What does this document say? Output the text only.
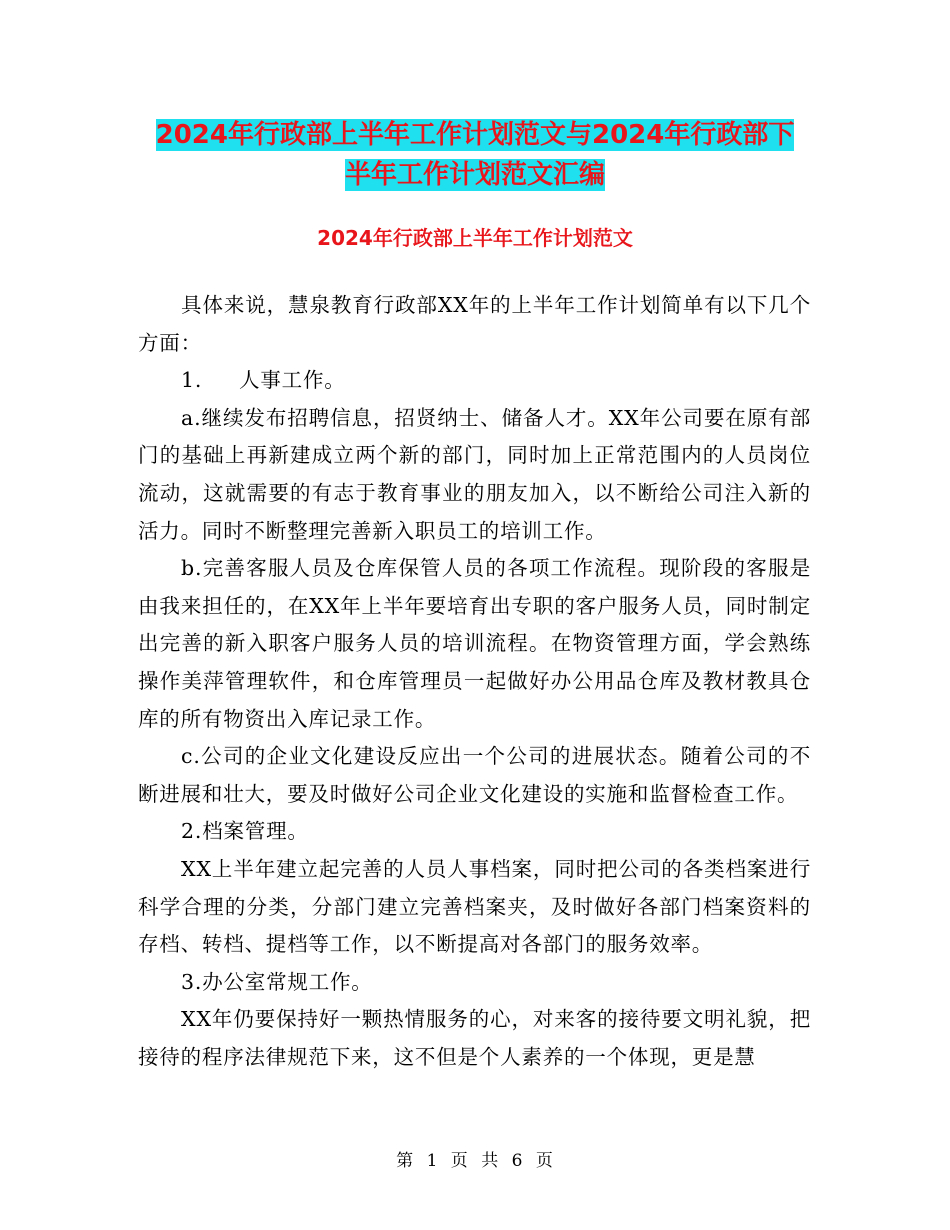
2024年行政部上半年工作计划范文与2024年行政部下
半年工作计划范文汇编
2024年行政部上半年工作计划范文

具体来说，慧泉教育行政部XX年的上半年工作计划简单有以下几个方面：

1. 人事工作。

a.继续发布招聘信息，招贤纳士、储备人才。XX年公司要在原有部门的基础上再新建成立两个新的部门，同时加上正常范围内的人员岗位流动，这就需要的有志于教育事业的朋友加入，以不断给公司注入新的活力。同时不断整理完善新入职员工的培训工作。

b.完善客服人员及仓库保管人员的各项工作流程。现阶段的客服是由我来担任的，在XX年上半年要培育出专职的客户服务人员，同时制定出完善的新入职客户服务人员的培训流程。在物资管理方面，学会熟练操作美萍管理软件，和仓库管理员一起做好办公用品仓库及教材教具仓库的所有物资出入库记录工作。

c.公司的企业文化建设反应出一个公司的进展状态。随着公司的不断进展和壮大，要及时做好公司企业文化建设的实施和监督检查工作。

2.档案管理。

XX上半年建立起完善的人员人事档案，同时把公司的各类档案进行科学合理的分类，分部门建立完善档案夹，及时做好各部门档案资料的存档、转档、提档等工作，以不断提高对各部门的服务效率。

3.办公室常规工作。

XX年仍要保持好一颗热情服务的心，对来客的接待要文明礼貌，把接待的程序法律规范下来，这不但是个人素养的一个体现，更是慧

第 1 页 共 6 页
